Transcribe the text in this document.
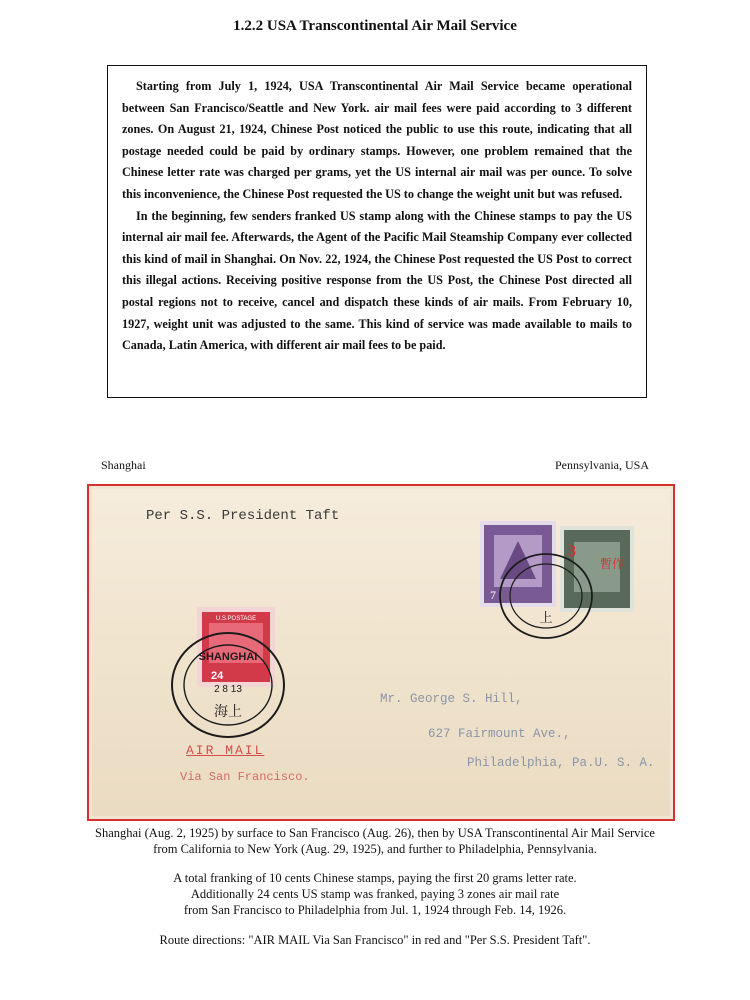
1.2.2 USA Transcontinental Air Mail Service

Starting from July 1, 1924, USA Transcontinental Air Mail Service became operational between San Francisco/Seattle and New York. air mail fees were paid according to 3 different zones. On August 21, 1924, Chinese Post noticed the public to use this route, indicating that all postage needed could be paid by ordinary stamps. However, one problem remained that the Chinese letter rate was charged per grams, yet the US internal air mail was per ounce. To solve this inconvenience, the Chinese Post requested the US to change the weight unit but was refused.

In the beginning, few senders franked US stamp along with the Chinese stamps to pay the US internal air mail fee. Afterwards, the Agent of the Pacific Mail Steamship Company ever collected this kind of mail in Shanghai. On Nov. 22, 1924, the Chinese Post requested the US Post to correct this illegal actions. Receiving positive response from the US Post, the Chinese Post directed all postal regions not to receive, cancel and dispatch these kinds of air mails. From February 10, 1927, weight unit was adjusted to the same. This kind of service was made available to mails to Canada, Latin America, with different air mail fees to be paid.

Shanghai	Pennsylvania, USA
Per S.S. President Taft
U.S.POSTAGE
24
7
3
暫作
SHANGHAI
2 8 13
海上
上
AIR MAIL
Via San Francisco.
Mr. George S. Hill,
627 Fairmount Ave.,
Philadelphia, Pa.U. S. A.
Shanghai (Aug. 2, 1925) by surface to San Francisco (Aug. 26), then by USA Transcontinental Air Mail Service
from California to New York (Aug. 29, 1925), and further to Philadelphia, Pennsylvania.
A total franking of 10 cents Chinese stamps, paying the first 20 grams letter rate.
Additionally 24 cents US stamp was franked, paying 3 zones air mail rate
from San Francisco to Philadelphia from Jul. 1, 1924 through Feb. 14, 1926.
Route directions: "AIR MAIL Via San Francisco" in red and "Per S.S. President Taft".
